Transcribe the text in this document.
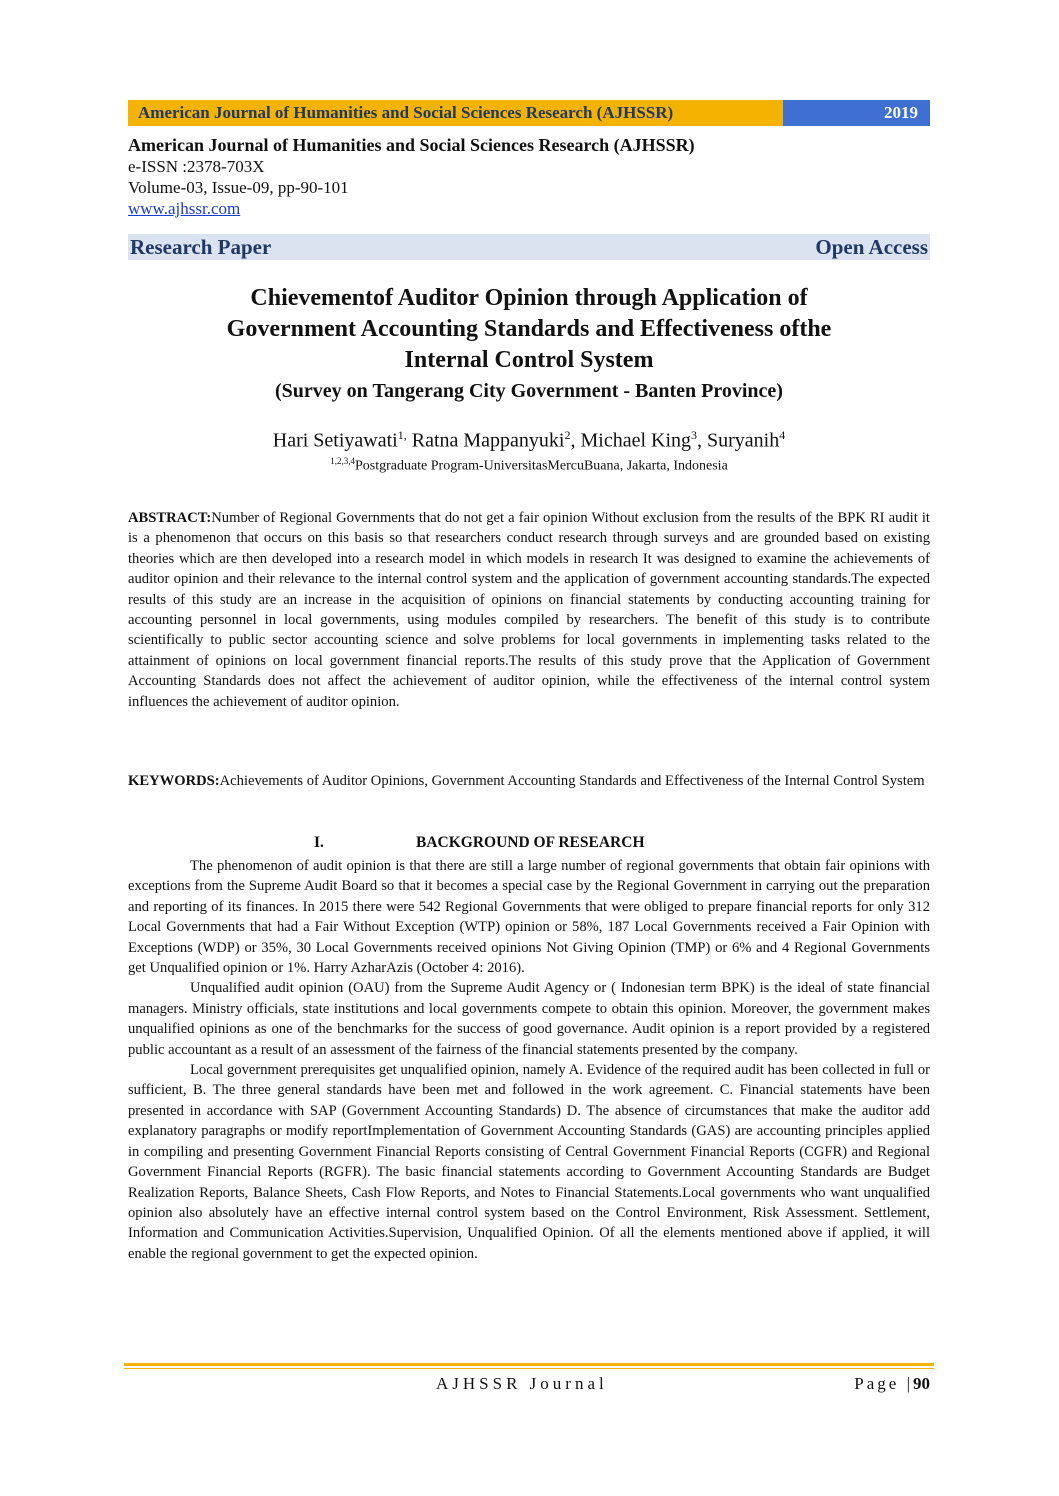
American Journal of Humanities and Social Sciences Research (AJHSSR)	2019
American Journal of Humanities and Social Sciences Research (AJHSSR)
e-ISSN :2378-703X
Volume-03, Issue-09, pp-90-101
www.ajhssr.com
Research Paper	Open Access
Chievementof Auditor Opinion through Application of
Government Accounting Standards and Effectiveness ofthe
Internal Control System
(Survey on Tangerang City Government - Banten Province)
Hari Setiyawati$^{1,}$ Ratna Mappanyuki$^2$, Michael King$^3$, Suryanih$^4$
$^{1,2,3,4}$Postgraduate Program-UniversitasMercuBuana, Jakarta, Indonesia
ABSTRACT:Number of Regional Governments that do not get a fair opinion Without exclusion from the results of the BPK RI audit it is a phenomenon that occurs on this basis so that researchers conduct research through surveys and are grounded based on existing theories which are then developed into a research model in which models in research It was designed to examine the achievements of auditor opinion and their relevance to the internal control system and the application of government accounting standards.The expected results of this study are an increase in the acquisition of opinions on financial statements by conducting accounting training for accounting personnel in local governments, using modules compiled by researchers. The benefit of this study is to contribute scientifically to public sector accounting science and solve problems for local governments in implementing tasks related to the attainment of opinions on local government financial reports.The results of this study prove that the Application of Government Accounting Standards does not affect the achievement of auditor opinion, while the effectiveness of the internal control system influences the achievement of auditor opinion.
KEYWORDS:Achievements of Auditor Opinions, Government Accounting Standards and Effectiveness of the Internal Control System
I.	BACKGROUND OF RESEARCH

The phenomenon of audit opinion is that there are still a large number of regional governments that obtain fair opinions with exceptions from the Supreme Audit Board so that it becomes a special case by the Regional Government in carrying out the preparation and reporting of its finances. In 2015 there were 542 Regional Governments that were obliged to prepare financial reports for only 312 Local Governments that had a Fair Without Exception (WTP) opinion or 58%, 187 Local Governments received a Fair Opinion with Exceptions (WDP) or 35%, 30 Local Governments received opinions Not Giving Opinion (TMP) or 6% and 4 Regional Governments get Unqualified opinion or 1%. Harry AzharAzis (October 4: 2016).

Unqualified audit opinion (OAU) from the Supreme Audit Agency or ( Indonesian term BPK) is the ideal of state financial managers. Ministry officials, state institutions and local governments compete to obtain this opinion. Moreover, the government makes unqualified opinions as one of the benchmarks for the success of good governance. Audit opinion is a report provided by a registered public accountant as a result of an assessment of the fairness of the financial statements presented by the company.

Local government prerequisites get unqualified opinion, namely A. Evidence of the required audit has been collected in full or sufficient, B. The three general standards have been met and followed in the work agreement. C. Financial statements have been presented in accordance with SAP (Government Accounting Standards) D. The absence of circumstances that make the auditor add explanatory paragraphs or modify reportImplementation of Government Accounting Standards (GAS) are accounting principles applied in compiling and presenting Government Financial Reports consisting of Central Government Financial Reports (CGFR) and Regional Government Financial Reports (RGFR). The basic financial statements according to Government Accounting Standards are Budget Realization Reports, Balance Sheets, Cash Flow Reports, and Notes to Financial Statements.Local governments who want unqualified opinion also absolutely have an effective internal control system based on the Control Environment, Risk Assessment. Settlement, Information and Communication Activities.Supervision, Unqualified Opinion. Of all the elements mentioned above if applied, it will enable the regional government to get the expected opinion.

AJHSSR Journal	Page |90
